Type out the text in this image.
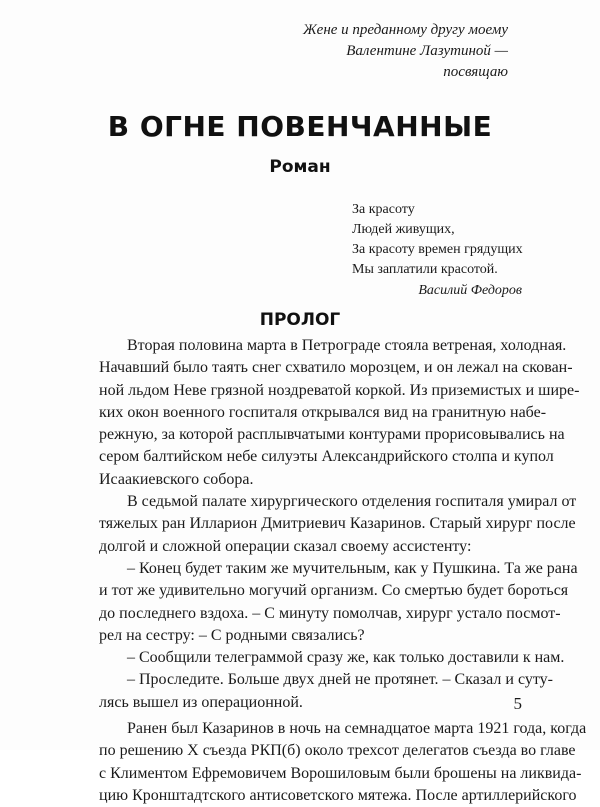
Жене и преданному другу моему
Валентине Лазутиной —
посвящаю
В ОГНЕ ПОВЕНЧАННЫЕ
Роман
За красоту
Людей живущих,
За красоту времен грядущих
Мы заплатили красотой.
Василий Федоров
ПРОЛОГ
Вторая половина марта в Петрограде стояла ветреная, холодная.
Начавший было таять снег схватило морозцем, и он лежал на скован-
ной льдом Неве грязной ноздреватой коркой. Из приземистых и шире-
ких окон военного госпиталя открывался вид на гранитную набе-
режную, за которой расплывчатыми контурами прорисовывались на
сером балтийском небе силуэты Александрийского столпа и купол
Исаакиевского собора.
В седьмой палате хирургического отделения госпиталя умирал от
тяжелых ран Илларион Дмитриевич Казаринов. Старый хирург после
долгой и сложной операции сказал своему ассистенту:
– Конец будет таким же мучительным, как у Пушкина. Та же рана
и тот же удивительно могучий организм. Со смертью будет бороться
до последнего вздоха. – С минуту помолчав, хирург устало посмот-
рел на сестру: – С родными связались?
– Сообщили телеграммой сразу же, как только доставили к нам.
– Проследите. Больше двух дней не протянет. – Сказал и суту-
лясь вышел из операционной.
Ранен был Казаринов в ночь на семнадцатое марта 1921 года, когда
по решению X съезда РКП(б) около трехсот делегатов съезда во главе
с Климентом Ефремовичем Ворошиловым были брошены на ликвида-
цию Кронштадтского антисоветского мятежа. После артиллерийского
5
